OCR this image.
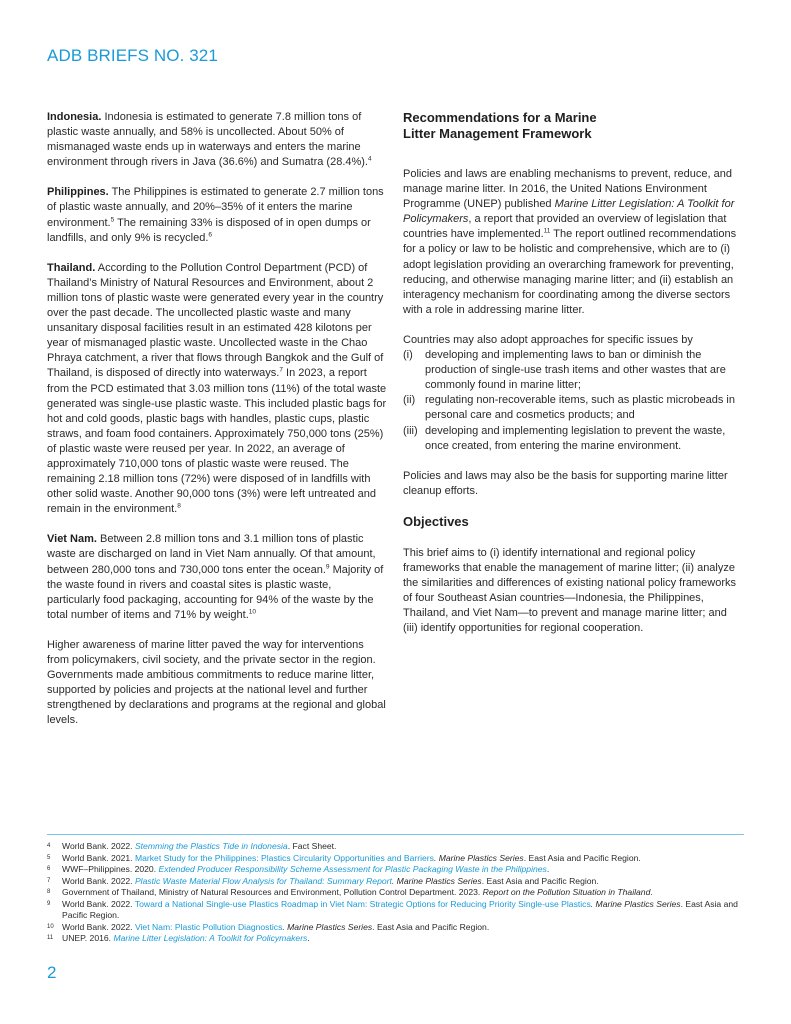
ADB BRIEFS NO. 321

Indonesia. Indonesia is estimated to generate 7.8 million tons of plastic waste annually, and 58% is uncollected. About 50% of mismanaged waste ends up in waterways and enters the marine environment through rivers in Java (36.6%) and Sumatra (28.4%).$^4$

Philippines. The Philippines is estimated to generate 2.7 million tons of plastic waste annually, and 20%–35% of it enters the marine environment.$^5$ The remaining 33% is disposed of in open dumps or landfills, and only 9% is recycled.$^6$

Thailand. According to the Pollution Control Department (PCD) of Thailand’s Ministry of Natural Resources and Environment, about 2 million tons of plastic waste were generated every year in the country over the past decade. The uncollected plastic waste and many unsanitary disposal facilities result in an estimated 428 kilotons per year of mismanaged plastic waste. Uncollected waste in the Chao Phraya catchment, a river that flows through Bangkok and the Gulf of Thailand, is disposed of directly into waterways.$^7$ In 2023, a report from the PCD estimated that 3.03 million tons (11%) of the total waste generated was single-use plastic waste. This included plastic bags for hot and cold goods, plastic bags with handles, plastic cups, plastic straws, and foam food containers. Approximately 750,000 tons (25%) of plastic waste were reused per year. In 2022, an average of approximately 710,000 tons of plastic waste were reused. The remaining 2.18 million tons (72%) were disposed of in landfills with other solid waste. Another 90,000 tons (3%) were left untreated and remain in the environment.$^8$

Viet Nam. Between 2.8 million tons and 3.1 million tons of plastic waste are discharged on land in Viet Nam annually. Of that amount, between 280,000 tons and 730,000 tons enter the ocean.$^9$ Majority of the waste found in rivers and coastal sites is plastic waste, particularly food packaging, accounting for 94% of the waste by the total number of items and 71% by weight.$^{10}$

Higher awareness of marine litter paved the way for interventions from policymakers, civil society, and the private sector in the region. Governments made ambitious commitments to reduce marine litter, supported by policies and projects at the national level and further strengthened by declarations and programs at the regional and global levels.

Recommendations for a Marine Litter Management Framework

Policies and laws are enabling mechanisms to prevent, reduce, and manage marine litter. In 2016, the United Nations Environment Programme (UNEP) published Marine Litter Legislation: A Toolkit for Policymakers, a report that provided an overview of legislation that countries have implemented.$^{11}$ The report outlined recommendations for a policy or law to be holistic and comprehensive, which are to (i) adopt legislation providing an overarching framework for preventing, reducing, and otherwise managing marine litter; and (ii) establish an interagency mechanism for coordinating among the diverse sectors with a role in addressing marine litter.

Countries may also adopt approaches for specific issues by
(i)	developing and implementing laws to ban or diminish the production of single-use trash items and other wastes that are commonly found in marine litter;
(ii) regulating non-recoverable items, such as plastic microbeads in personal care and cosmetics products; and
(iii) developing and implementing legislation to prevent the waste, once created, from entering the marine environment.

Policies and laws may also be the basis for supporting marine litter cleanup efforts.

Objectives

This brief aims to (i) identify international and regional policy frameworks that enable the management of marine litter; (ii) analyze the similarities and differences of existing national policy frameworks of four Southeast Asian countries—Indonesia, the Philippines, Thailand, and Viet Nam—to prevent and manage marine litter; and (iii) identify opportunities for regional cooperation.

4	World Bank. 2022. Stemming the Plastics Tide in Indonesia. Fact Sheet.
5	World Bank. 2021. Market Study for the Philippines: Plastics Circularity Opportunities and Barriers. Marine Plastics Series. East Asia and Pacific Region.
6	WWF–Philippines. 2020. Extended Producer Responsibility Scheme Assessment for Plastic Packaging Waste in the Philippines.
7	World Bank. 2022. Plastic Waste Material Flow Analysis for Thailand: Summary Report. Marine Plastics Series. East Asia and Pacific Region.
8	Government of Thailand, Ministry of Natural Resources and Environment, Pollution Control Department. 2023. Report on the Pollution Situation in Thailand.
9	World Bank. 2022. Toward a National Single-use Plastics Roadmap in Viet Nam: Strategic Options for Reducing Priority Single-use Plastics. Marine Plastics Series. East Asia and Pacific Region.
10 World Bank. 2022. Viet Nam: Plastic Pollution Diagnostics. Marine Plastics Series. East Asia and Pacific Region.
11	UNEP. 2016. Marine Litter Legislation: A Toolkit for Policymakers.
2
